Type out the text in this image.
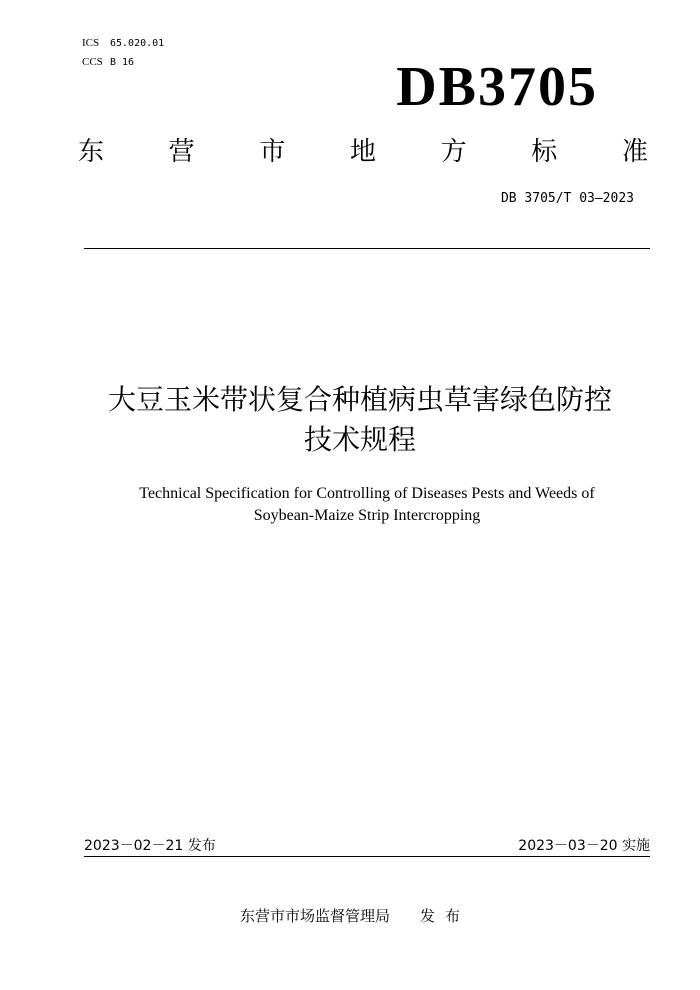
ICS 65.020.01
CCS B 16	DB3705
东 营 市 地 方 标 准
DB 3705/T 03—2023
大豆玉米带状复合种植病虫草害绿色防控
技术规程
Technical Specification for Controlling of Diseases Pests and Weeds of
Soybean-Maize Strip Intercropping
2023－02－21 发布	2023－03－20 实施
东营市市场监督管理局 发布
